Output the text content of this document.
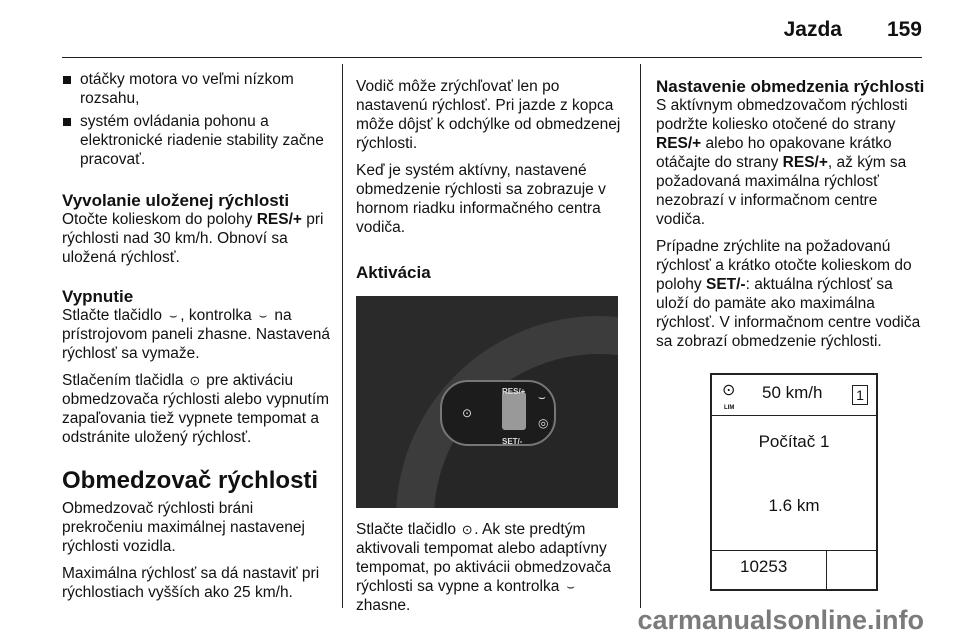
Jazda 159
otáčky motora vo veľmi nízkom rozsahu,
systém ovládania pohonu a elektronické riadenie stability začne pracovať.
Vyvolanie uloženej rýchlosti

Otočte kolieskom do polohy RES/+ pri rýchlosti nad 30 km/h. Obnoví sa uložená rýchlosť.

Vypnutie

Stlačte tlačidlo ⌣ , kontrolka ⌣ na prístrojovom paneli zhasne. Nastavená rýchlosť sa vymaže.

Stlačením tlačidla ⊙ pre aktiváciu obmedzovača rýchlosti alebo vypnutím zapaľovania tiež vypnete tempomat a odstránite uložený rýchlosť.

Obmedzovač rýchlosti

Obmedzovač rýchlosti bráni prekročeniu maximálnej nastavenej rýchlosti vozidla.

Maximálna rýchlosť sa dá nastaviť pri rýchlostiach vyšších ako 25 km/h.

Vodič môže zrýchľovať len po nastavenú rýchlosť. Pri jazde z kopca môže dôjsť k odchýlke od obmedzenej rýchlosti.

Keď je systém aktívny, nastavené obmedzenie rýchlosti sa zobrazuje v hornom riadku informačného centra vodiča.

Aktivácia
⊙
⌣
◎
RES/+
SET/-

Stlačte tlačidlo ⊙. Ak ste predtým aktivovali tempomat alebo adaptívny tempomat, po aktivácii obmedzovača rýchlosti sa vypne a kontrolka ⌣ zhasne.

Nastavenie obmedzenia rýchlosti

S aktívnym obmedzovačom rýchlosti podržte koliesko otočené do strany RES/+ alebo ho opakovane krátko otáčajte do strany RES/+, až kým sa požadovaná maximálna rýchlosť nezobrazí v informačnom centre vodiča.

Prípadne zrýchlite na požadovanú rýchlosť a krátko otočte kolieskom do polohy SET/-: aktuálna rýchlosť sa uloží do pamäte ako maximálna rýchlosť. V informačnom centre vodiča sa zobrazí obmedzenie rýchlosti.

⊙
LIM
50 km/h 1
Počítač 1
1.6 km
10253
carmanualsonline.info
